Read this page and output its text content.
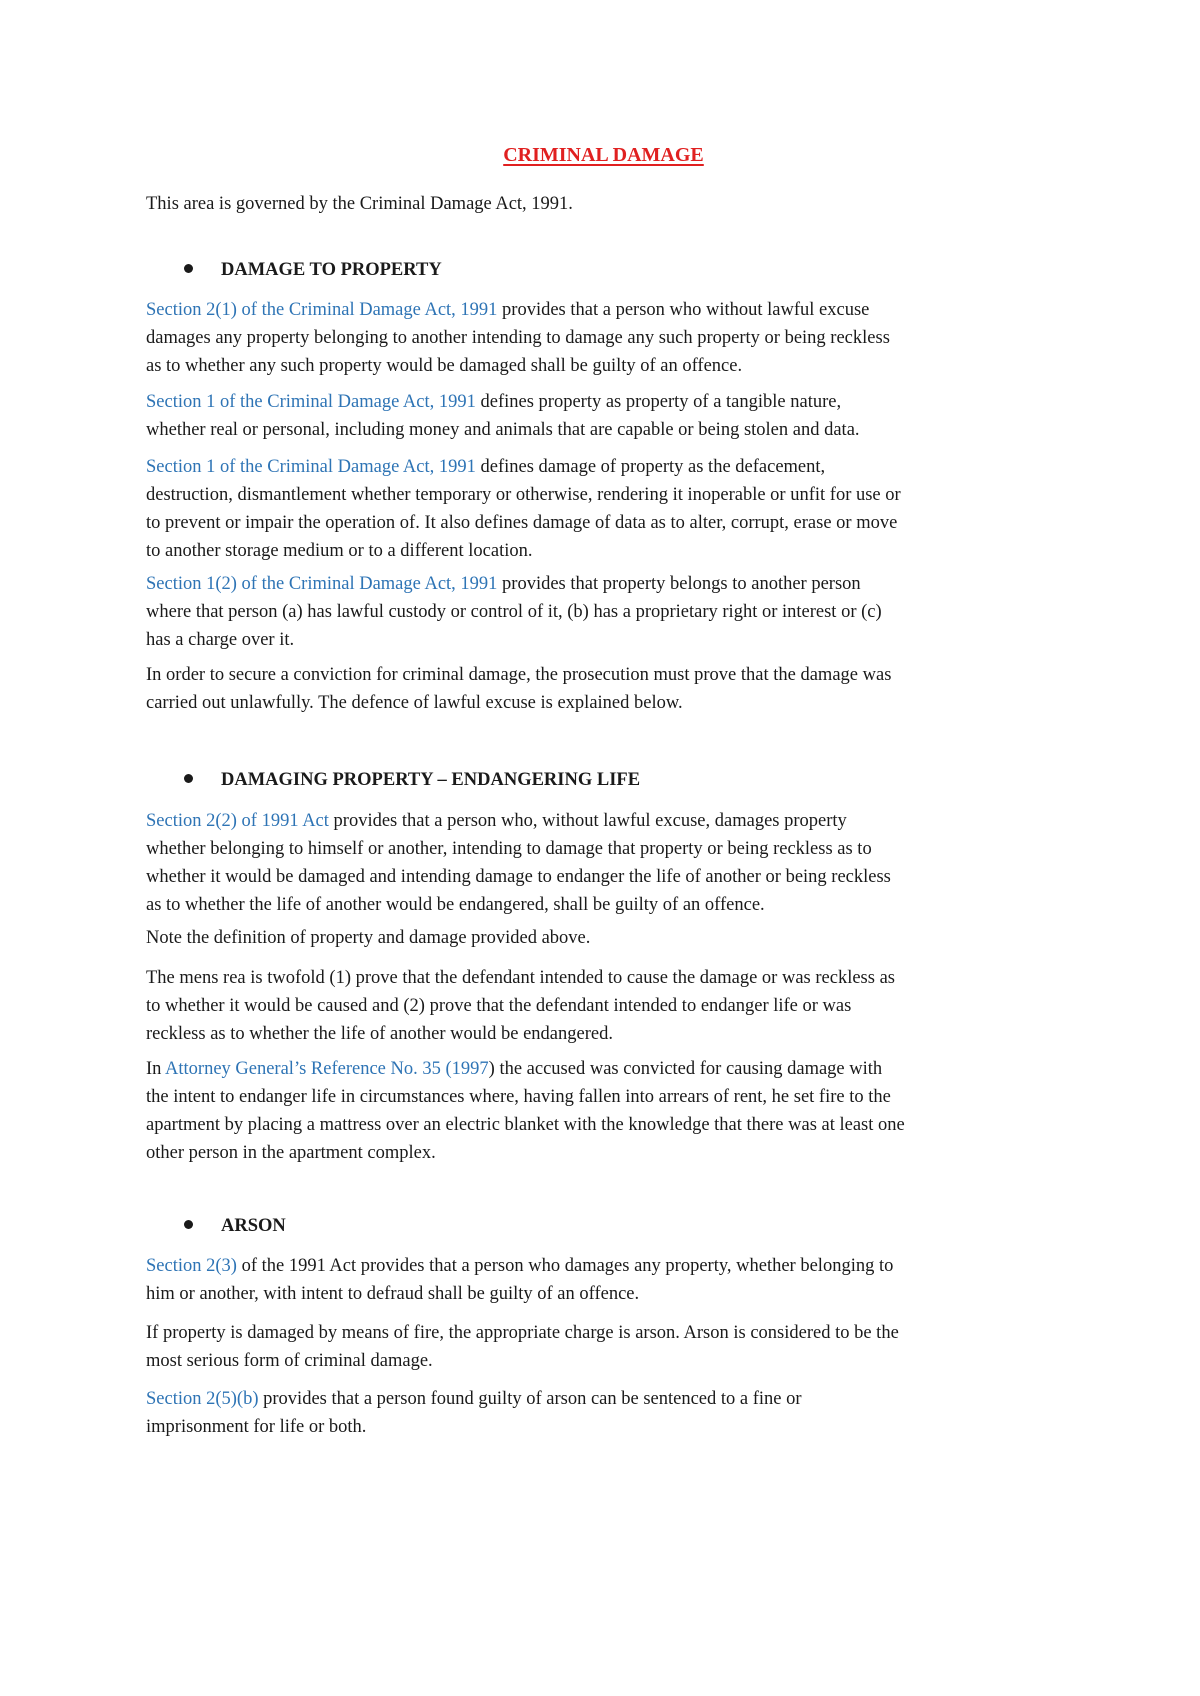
CRIMINAL DAMAGE

This area is governed by the Criminal Damage Act, 1991.

DAMAGE TO PROPERTY

Section 2(1) of the Criminal Damage Act, 1991 provides that a person who without lawful excuse
damages any property belonging to another intending to damage any such property or being reckless
as to whether any such property would be damaged shall be guilty of an offence.

Section 1 of the Criminal Damage Act, 1991 defines property as property of a tangible nature,
whether real or personal, including money and animals that are capable or being stolen and data.

Section 1 of the Criminal Damage Act, 1991 defines damage of property as the defacement,
destruction, dismantlement whether temporary or otherwise, rendering it inoperable or unfit for use or
to prevent or impair the operation of. It also defines damage of data as to alter, corrupt, erase or move
to another storage medium or to a different location.

Section 1(2) of the Criminal Damage Act, 1991 provides that property belongs to another person
where that person (a) has lawful custody or control of it, (b) has a proprietary right or interest or (c)
has a charge over it.

In order to secure a conviction for criminal damage, the prosecution must prove that the damage was
carried out unlawfully. The defence of lawful excuse is explained below.

DAMAGING PROPERTY – ENDANGERING LIFE

Section 2(2) of 1991 Act provides that a person who, without lawful excuse, damages property
whether belonging to himself or another, intending to damage that property or being reckless as to
whether it would be damaged and intending damage to endanger the life of another or being reckless
as to whether the life of another would be endangered, shall be guilty of an offence.

Note the definition of property and damage provided above.

The mens rea is twofold (1) prove that the defendant intended to cause the damage or was reckless as
to whether it would be caused and (2) prove that the defendant intended to endanger life or was
reckless as to whether the life of another would be endangered.

In Attorney General’s Reference No. 35 (1997) the accused was convicted for causing damage with
the intent to endanger life in circumstances where, having fallen into arrears of rent, he set fire to the
apartment by placing a mattress over an electric blanket with the knowledge that there was at least one
other person in the apartment complex.

ARSON

Section 2(3) of the 1991 Act provides that a person who damages any property, whether belonging to
him or another, with intent to defraud shall be guilty of an offence.

If property is damaged by means of fire, the appropriate charge is arson. Arson is considered to be the
most serious form of criminal damage.

Section 2(5)(b) provides that a person found guilty of arson can be sentenced to a fine or
imprisonment for life or both.
